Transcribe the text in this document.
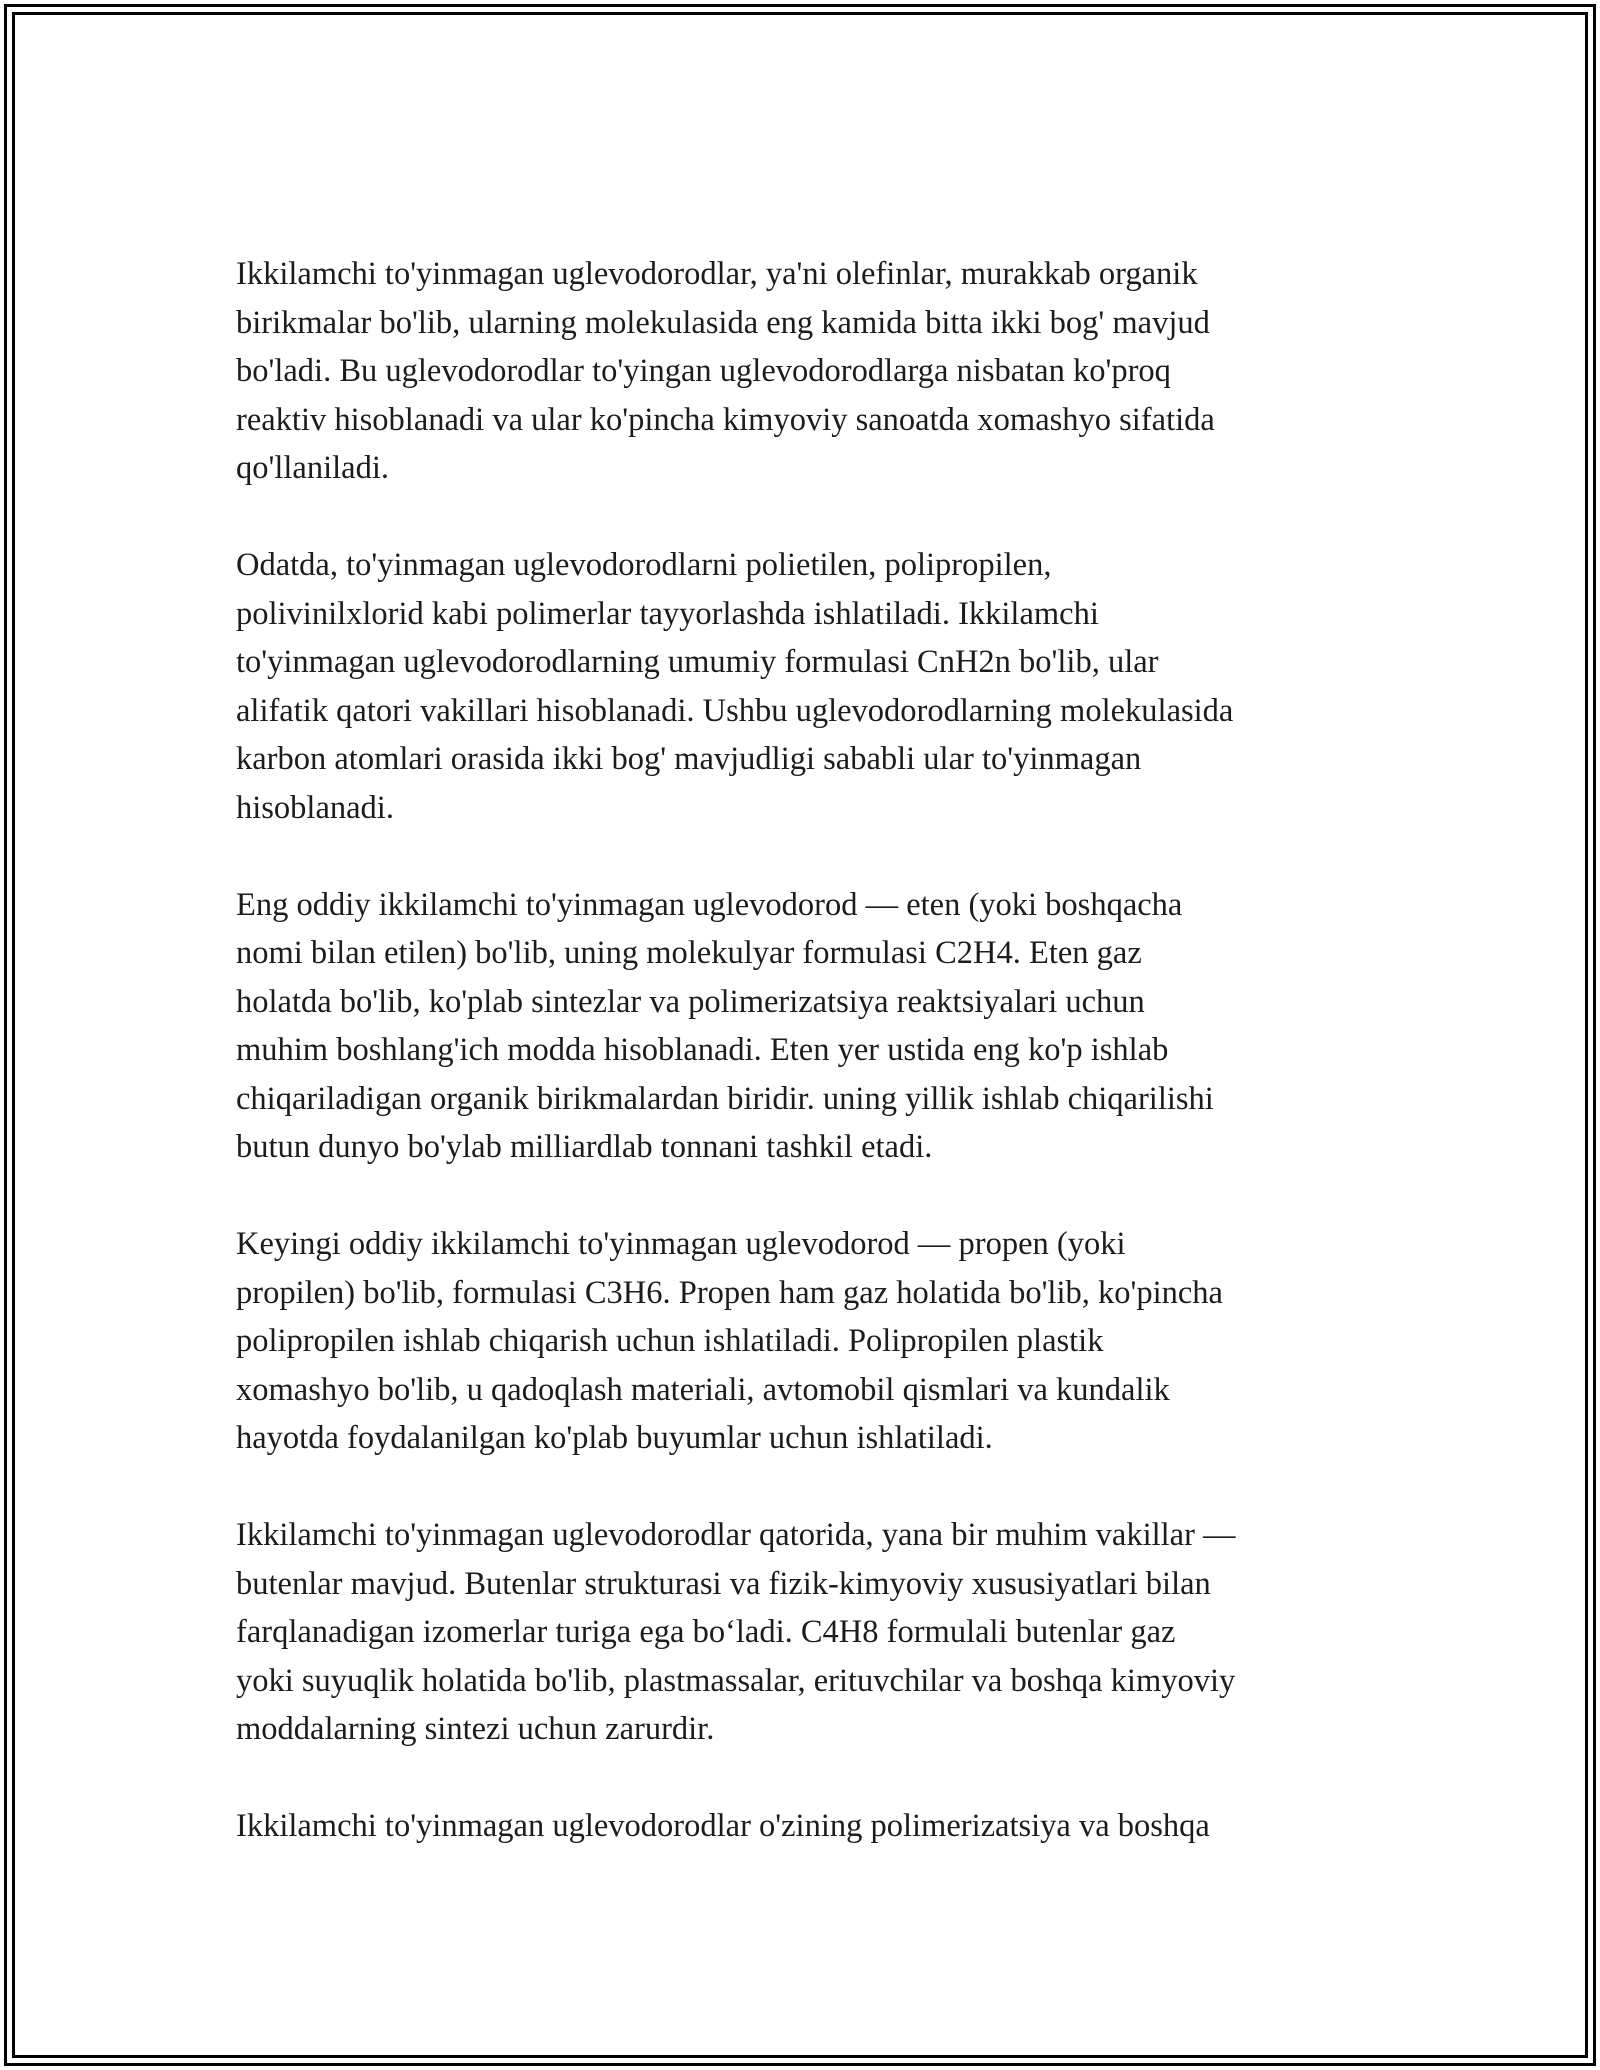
Ikkilamchi to'yinmagan uglevodorodlar, ya'ni olefinlar, murakkab organik
birikmalar bo'lib, ularning molekulasida eng kamida bitta ikki bog' mavjud
bo'ladi. Bu uglevodorodlar to'yingan uglevodorodlarga nisbatan ko'proq
reaktiv hisoblanadi va ular ko'pincha kimyoviy sanoatda xomashyo sifatida
qo'llaniladi.

Odatda, to'yinmagan uglevodorodlarni polietilen, polipropilen,
polivinilxlorid kabi polimerlar tayyorlashda ishlatiladi. Ikkilamchi
to'yinmagan uglevodorodlarning umumiy formulasi CnH2n bo'lib, ular
alifatik qatori vakillari hisoblanadi. Ushbu uglevodorodlarning molekulasida
karbon atomlari orasida ikki bog' mavjudligi sababli ular to'yinmagan
hisoblanadi.

Eng oddiy ikkilamchi to'yinmagan uglevodorod — eten (yoki boshqacha
nomi bilan etilen) bo'lib, uning molekulyar formulasi C2H4. Eten gaz
holatda bo'lib, ko'plab sintezlar va polimerizatsiya reaktsiyalari uchun
muhim boshlang'ich modda hisoblanadi. Eten yer ustida eng ko'p ishlab
chiqariladigan organik birikmalardan biridir. uning yillik ishlab chiqarilishi
butun dunyo bo'ylab milliardlab tonnani tashkil etadi.

Keyingi oddiy ikkilamchi to'yinmagan uglevodorod — propen (yoki
propilen) bo'lib, formulasi C3H6. Propen ham gaz holatida bo'lib, ko'pincha
polipropilen ishlab chiqarish uchun ishlatiladi. Polipropilen plastik
xomashyo bo'lib, u qadoqlash materiali, avtomobil qismlari va kundalik
hayotda foydalanilgan ko'plab buyumlar uchun ishlatiladi.

Ikkilamchi to'yinmagan uglevodorodlar qatorida, yana bir muhim vakillar —
butenlar mavjud. Butenlar strukturasi va fizik-kimyoviy xususiyatlari bilan
farqlanadigan izomerlar turiga ega boʻladi. C4H8 formulali butenlar gaz
yoki suyuqlik holatida bo'lib, plastmassalar, erituvchilar va boshqa kimyoviy
moddalarning sintezi uchun zarurdir.

Ikkilamchi to'yinmagan uglevodorodlar o'zining polimerizatsiya va boshqa
